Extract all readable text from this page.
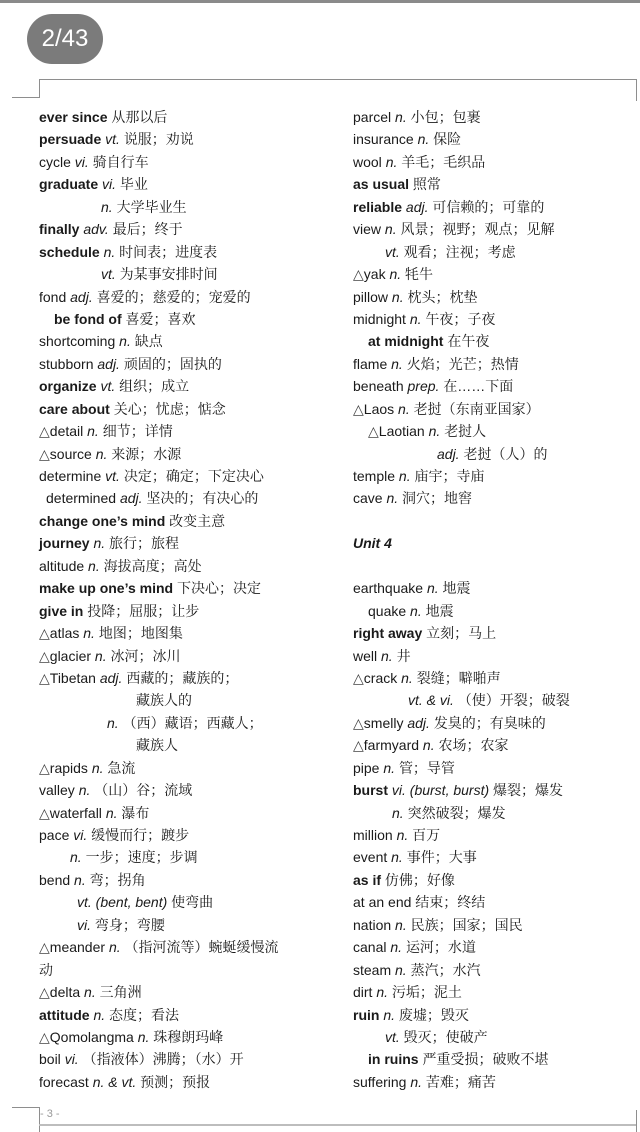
2/43
ever since 从那以后
persuade vt. 说服；劝说
cycle vi. 骑自行车
graduate vi. 毕业
n. 大学毕业生
finally adv. 最后；终于
schedule n. 时间表；进度表
vt. 为某事安排时间
fond adj. 喜爱的；慈爱的；宠爱的
be fond of 喜爱；喜欢
shortcoming n. 缺点
stubborn adj. 顽固的；固执的
organize vt. 组织；成立
care about 关心；忧虑；惦念
△detail n. 细节；详情
△source n. 来源；水源
determine vt. 决定；确定；下定决心
determined adj. 坚决的；有决心的
change one’s mind 改变主意
journey n. 旅行；旅程
altitude n. 海拔高度；高处
make up one’s mind 下决心；决定
give in 投降；屈服；让步
△atlas n. 地图；地图集
△glacier n. 冰河；冰川
△Tibetan adj. 西藏的；藏族的；
藏族人的
n. （西）藏语；西藏人；
藏族人
△rapids n. 急流
valley n. （山）谷；流域
△waterfall n. 瀑布
pace vi. 缓慢而行；踱步
n. 一步；速度；步调
bend n. 弯；拐角
vt. (bent, bent) 使弯曲
vi. 弯身；弯腰
△meander n. （指河流等）蜿蜒缓慢流
动
△delta n. 三角洲
attitude n. 态度；看法
△Qomolangma n. 珠穆朗玛峰
boil vi. （指液体）沸腾；（水）开
forecast n. & vt. 预测；预报
parcel n. 小包；包裹
insurance n. 保险
wool n. 羊毛；毛织品
as usual 照常
reliable adj. 可信赖的；可靠的
view n. 风景；视野；观点；见解
vt. 观看；注视；考虑
△yak n. 牦牛
pillow n. 枕头；枕垫
midnight n. 午夜；子夜
at midnight 在午夜
flame n. 火焰；光芒；热情
beneath prep. 在……下面
△Laos n. 老挝（东南亚国家）
△Laotian n. 老挝人
adj. 老挝（人）的
temple n. 庙宇；寺庙
cave n. 洞穴；地窖
Unit 4
earthquake n. 地震
quake n. 地震
right away 立刻；马上
well n. 井
△crack n. 裂缝；噼啪声
vt. & vi. （使）开裂；破裂
△smelly adj. 发臭的；有臭味的
△farmyard n. 农场；农家
pipe n. 管；导管
burst vi. (burst, burst) 爆裂；爆发
n. 突然破裂；爆发
million n. 百万
event n. 事件；大事
as if 仿佛；好像
at an end 结束；终结
nation n. 民族；国家；国民
canal n. 运河；水道
steam n. 蒸汽；水汽
dirt n. 污垢；泥土
ruin n. 废墟；毁灭
vt. 毁灭；使破产
in ruins 严重受损；破败不堪
suffering n. 苦难；痛苦
- 3 -
